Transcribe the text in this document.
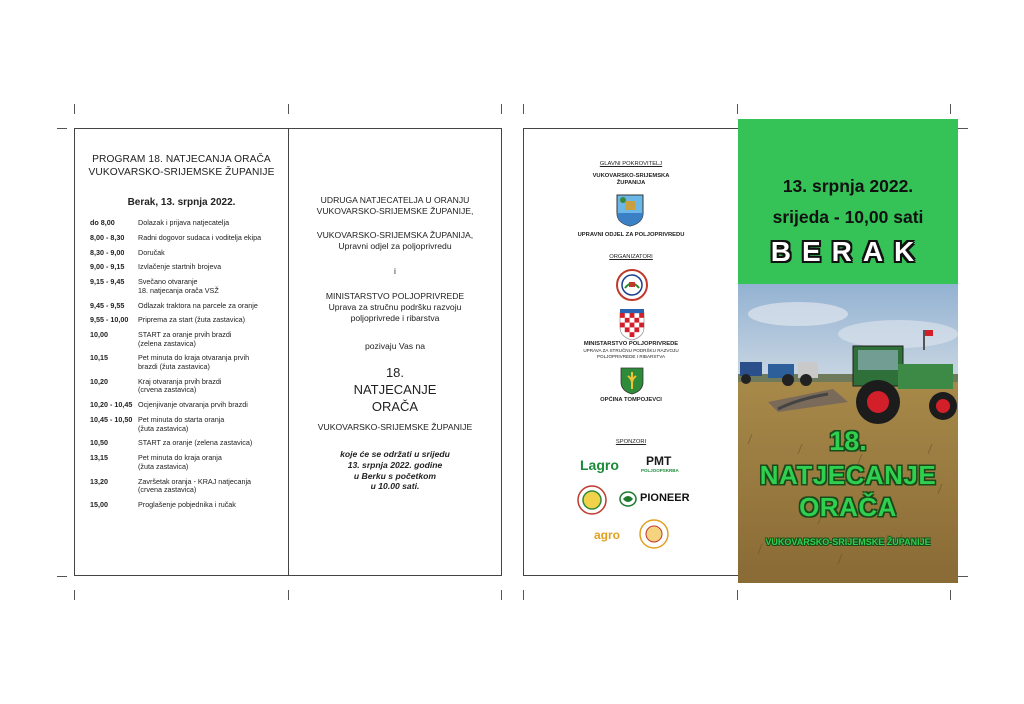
PROGRAM 18. NATJECANJA ORAČA
VUKOVARSKO-SRIJEMSKE ŽUPANIJE
Berak, 13. srpnja 2022.
do 8,00	Dolazak i prijava natjecatelja
8,00 - 8,30	Radni dogovor sudaca i voditelja ekipa
8,30 - 9,00	Doručak
9,00 - 9,15	Izvlačenje startnih brojeva
9,15 - 9,45	Svečano otvaranje
18. natjecanja orača VSŽ
9,45 - 9,55	Odlazak traktora na parcele za oranje
9,55 - 10,00	Priprema za start (žuta zastavica)
10,00	START za oranje prvih brazdi
(zelena zastavica)
10,15	Pet minuta do kraja otvaranja prvih
brazdi (žuta zastavica)
10,20	Kraj otvaranja prvih brazdi
(crvena zastavica)
10,20 - 10,45 Ocjenjivanje otvaranja prvih brazdi
10,45 - 10,50 Pet minuta do starta oranja
(žuta zastavica)
10,50	START za oranje (zelena zastavica)
13,15	Pet minuta do kraja oranja
(žuta zastavica)
13,20	Završetak oranja - KRAJ natjecanja
(crvena zastavica)
15,00	Proglašenje pobjednika i ručak
UDRUGA NATJECATELJA U ORANJU
VUKOVARSKO-SRIJEMSKE ŽUPANIJE,
VUKOVARSKO-SRIJEMSKA ŽUPANIJA,
Upravni odjel za poljoprivredu
i
MINISTARSTVO POLJOPRIVREDE
Uprava za stručnu podršku razvoju
poljoprivrede i ribarstva
pozivaju Vas na
18.
NATJECANJE
ORAČA
VUKOVARSKO-SRIJEMSKE ŽUPANIJE
koje će se održati u srijedu
13. srpnja 2022. godine
u Berku s početkom
u 10.00 sati.
GLAVNI POKROVITELJ
VUKOVARSKO-SRIJEMSKA
ŽUPANIJA
UPRAVNI ODJEL ZA POLJOPRIVREDU
ORGANIZATORI
MINISTARSTVO POLJOPRIVREDE
UPRAVA ZA STRUČNU PODRŠKU RAZVOJU
POLJOPRIVREDE I RIBARSTVA
OPĆINA TOMPOJEVCI
SPONZORI
Lagro PMT
POLJOOPSKRBA
PIONEER
agro
13. srpnja 2022.
srijeda - 10,00 sati
BERAK
18.
NATJECANJE
ORAČA
VUKOVARSKO-SRIJEMSKE ŽUPANIJE
